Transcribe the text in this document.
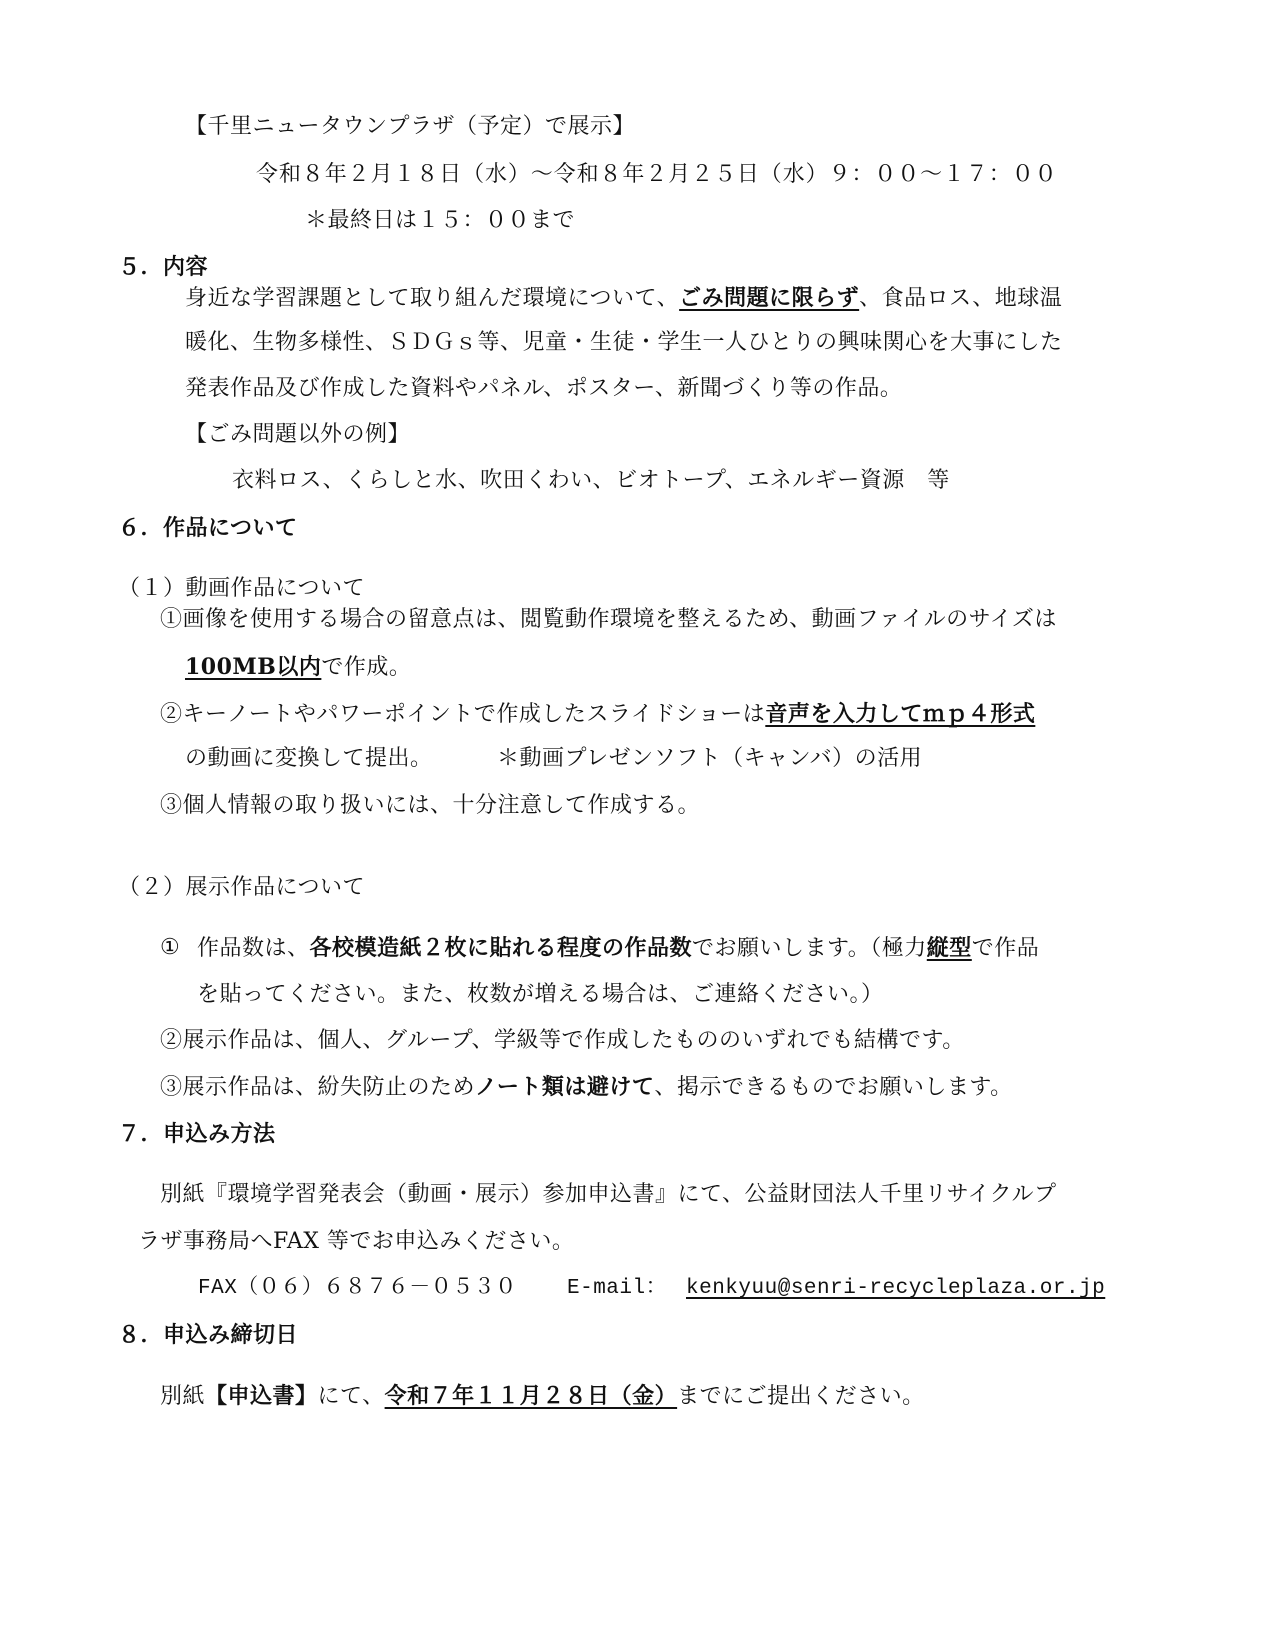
【千里ニュータウンプラザ（予定）で展示】
令和８年２月１８日（水）～令和８年２月２５日（水）９：００～１７：００
＊最終日は１５：００まで
５．内容
身近な学習課題として取り組んだ環境について、ごみ問題に限らず、食品ロス、地球温
暖化、生物多様性、ＳＤＧｓ等、児童・生徒・学生一人ひとりの興味関心を大事にした
発表作品及び作成した資料やパネル、ポスター、新聞づくり等の作品。
【ごみ問題以外の例】
衣料ロス、くらしと水、吹田くわい、ビオトープ、エネルギー資源　等
６．作品について
（１）動画作品について
①画像を使用する場合の留意点は、閲覧動作環境を整えるため、動画ファイルのサイズは
100MB以内で作成。
②キーノートやパワーポイントで作成したスライドショーは音声を入力してｍｐ４形式
の動画に変換して提出。	＊動画プレゼンソフト（キャンバ）の活用
③個人情報の取り扱いには、十分注意して作成する。
（２）展示作品について
① 作品数は、各校模造紙２枚に貼れる程度の作品数でお願いします。（極力縦型で作品
を貼ってください。また、枚数が増える場合は、ご連絡ください。）
②展示作品は、個人、グループ、学級等で作成したもののいずれでも結構です。
③展示作品は、紛失防止のためノート類は避けて、掲示できるものでお願いします。
７．申込み方法
別紙『環境学習発表会（動画・展示）参加申込書』にて、公益財団法人千里リサイクルプ
ラザ事務局へFAX 等でお申込みください。
FAX（０６）６８７６－０５３０ E-mail： kenkyuu@senri-recycleplaza.or.jp
８．申込み締切日
別紙【申込書】にて、令和７年１１月２８日（金）までにご提出ください。
